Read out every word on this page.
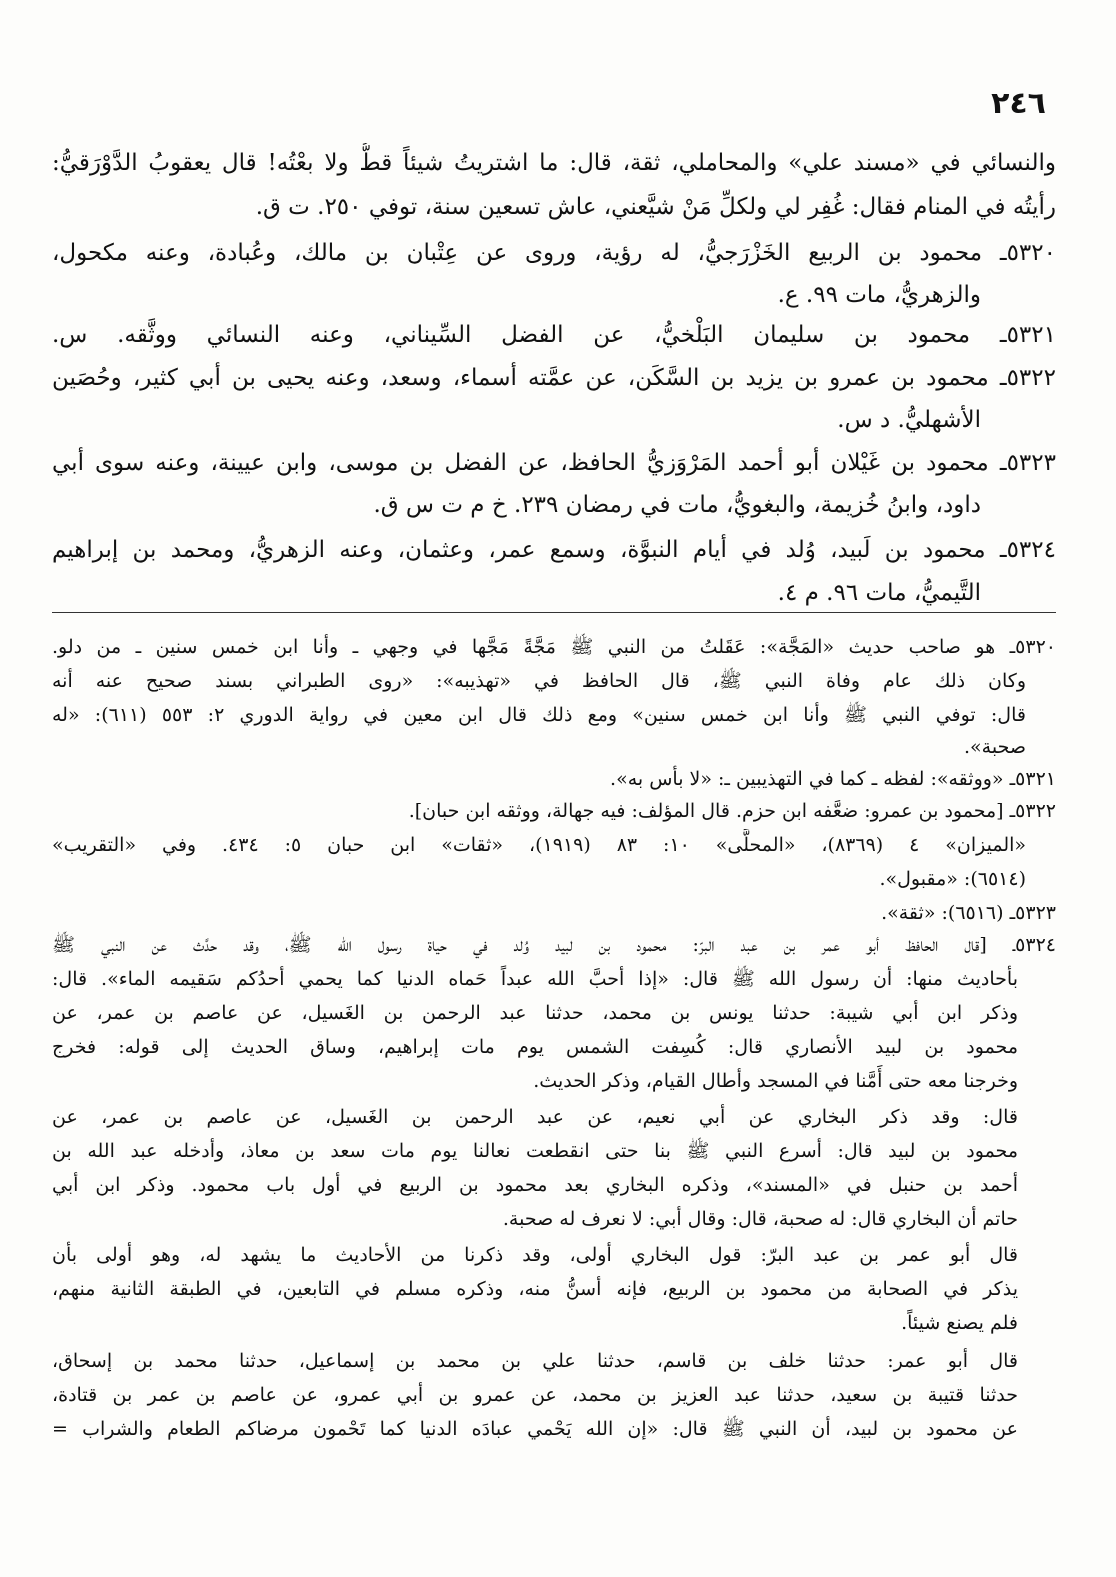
٢٤٦
والنسائي في «مسند علي» والمحاملي، ثقة، قال: ما اشتريتُ شيئاً قطُّ ولا بعْتُه! قال يعقوبُ الدَّوْرَقيُّ:
رأيتُه في المنام فقال: غُفِر لي ولكلِّ مَنْ شيَّعني، عاش تسعين سنة، توفي ٢٥٠. ت ق.
٥٣٢٠ـ محمود بن الربيع الخَزْرَجيُّ، له رؤية، وروى عن عِتْبان بن مالك، وعُبادة، وعنه مكحول،
والزهريُّ، مات ٩٩. ع.
٥٣٢١ـ محمود بن سليمان البَلْخيُّ، عن الفضل السِّيناني، وعنه النسائي ووثَّقه. س.
٥٣٢٢ـ محمود بن عمرو بن يزيد بن السَّكَن، عن عمَّته أسماء، وسعد، وعنه يحيى بن أبي كثير، وحُصَين
الأشهليُّ. د س.
٥٣٢٣ـ محمود بن غَيْلان أبو أحمد المَرْوَزيُّ الحافظ، عن الفضل بن موسى، وابن عيينة، وعنه سوى أبي
داود، وابنُ خُزيمة، والبغويُّ، مات في رمضان ٢٣٩. خ م ت س ق.
٥٣٢٤ـ محمود بن لَبيد، وُلد في أيام النبوَّة، وسمع عمر، وعثمان، وعنه الزهريُّ، ومحمد بن إبراهيم
التَّيميُّ، مات ٩٦. م ٤.
٥٣٢٠ـ هو صاحب حديث «المَجَّة»: عَقَلتُ من النبي ﷺ مَجَّةً مَجَّها في وجهي ـ وأنا ابن خمس سنين ـ من دلو.
وكان ذلك عام وفاة النبي ﷺ، قال الحافظ في «تهذيبه»: «روى الطبراني بسند صحيح عنه أنه
قال: توفي النبي ﷺ وأنا ابن خمس سنين» ومع ذلك قال ابن معين في رواية الدوري ٢: ٥٥٣ (٦١١): «له
صحبة».
٥٣٢١ـ «ووثقه»: لفظه ـ كما في التهذيبين ـ: «لا بأس به».
٥٣٢٢ـ [محمود بن عمرو: ضعَّفه ابن حزم. قال المؤلف: فيه جهالة، ووثقه ابن حبان].
«الميزان» ٤ (٨٣٦٩)، «المحلَّى» ١٠: ٨٣ (١٩١٩)، «ثقات» ابن حبان ٥: ٤٣٤. وفي «التقريب»
(٦٥١٤): «مقبول».
٥٣٢٣ـ (٦٥١٦): «ثقة».
٥٣٢٤ـ [قال الحافظ أبو عمر بن عبد البرّ: محمود بن لبيد وُلد في حياة رسول الله ﷺ، وقد حدَّث عن النبي ﷺ
بأحاديث منها: أن رسول الله ﷺ قال: «إذا أحبَّ الله عبداً حَماه الدنيا كما يحمي أحدُكم سَقيمه الماء». قال:
وذكر ابن أبي شيبة: حدثنا يونس بن محمد، حدثنا عبد الرحمن بن الغَسيل، عن عاصم بن عمر، عن
محمود بن لبيد الأنصاري قال: كُسِفت الشمس يوم مات إبراهيم، وساق الحديث إلى قوله: فخرج
وخرجنا معه حتى أَمَّنا في المسجد وأطال القيام، وذكر الحديث.
قال: وقد ذكر البخاري عن أبي نعيم، عن عبد الرحمن بن الغَسيل، عن عاصم بن عمر، عن
محمود بن لبيد قال: أسرع النبي ﷺ بنا حتى انقطعت نعالنا يوم مات سعد بن معاذ، وأدخله عبد الله بن
أحمد بن حنبل في «المسند»، وذكره البخاري بعد محمود بن الربيع في أول باب محمود. وذكر ابن أبي
حاتم أن البخاري قال: له صحبة، قال: وقال أبي: لا نعرف له صحبة.
قال أبو عمر بن عبد البرّ: قول البخاري أولى، وقد ذكرنا من الأحاديث ما يشهد له، وهو أولى بأن
يذكر في الصحابة من محمود بن الربيع، فإنه أسنُّ منه، وذكره مسلم في التابعين، في الطبقة الثانية منهم،
فلم يصنع شيئاً.
قال أبو عمر: حدثنا خلف بن قاسم، حدثنا علي بن محمد بن إسماعيل، حدثنا محمد بن إسحاق،
حدثنا قتيبة بن سعيد، حدثنا عبد العزيز بن محمد، عن عمرو بن أبي عمرو، عن عاصم بن عمر بن قتادة،
عن محمود بن لبيد، أن النبي ﷺ قال: «إن الله يَحْمي عبادَه الدنيا كما تَحْمون مرضاكم الطعام والشراب =
